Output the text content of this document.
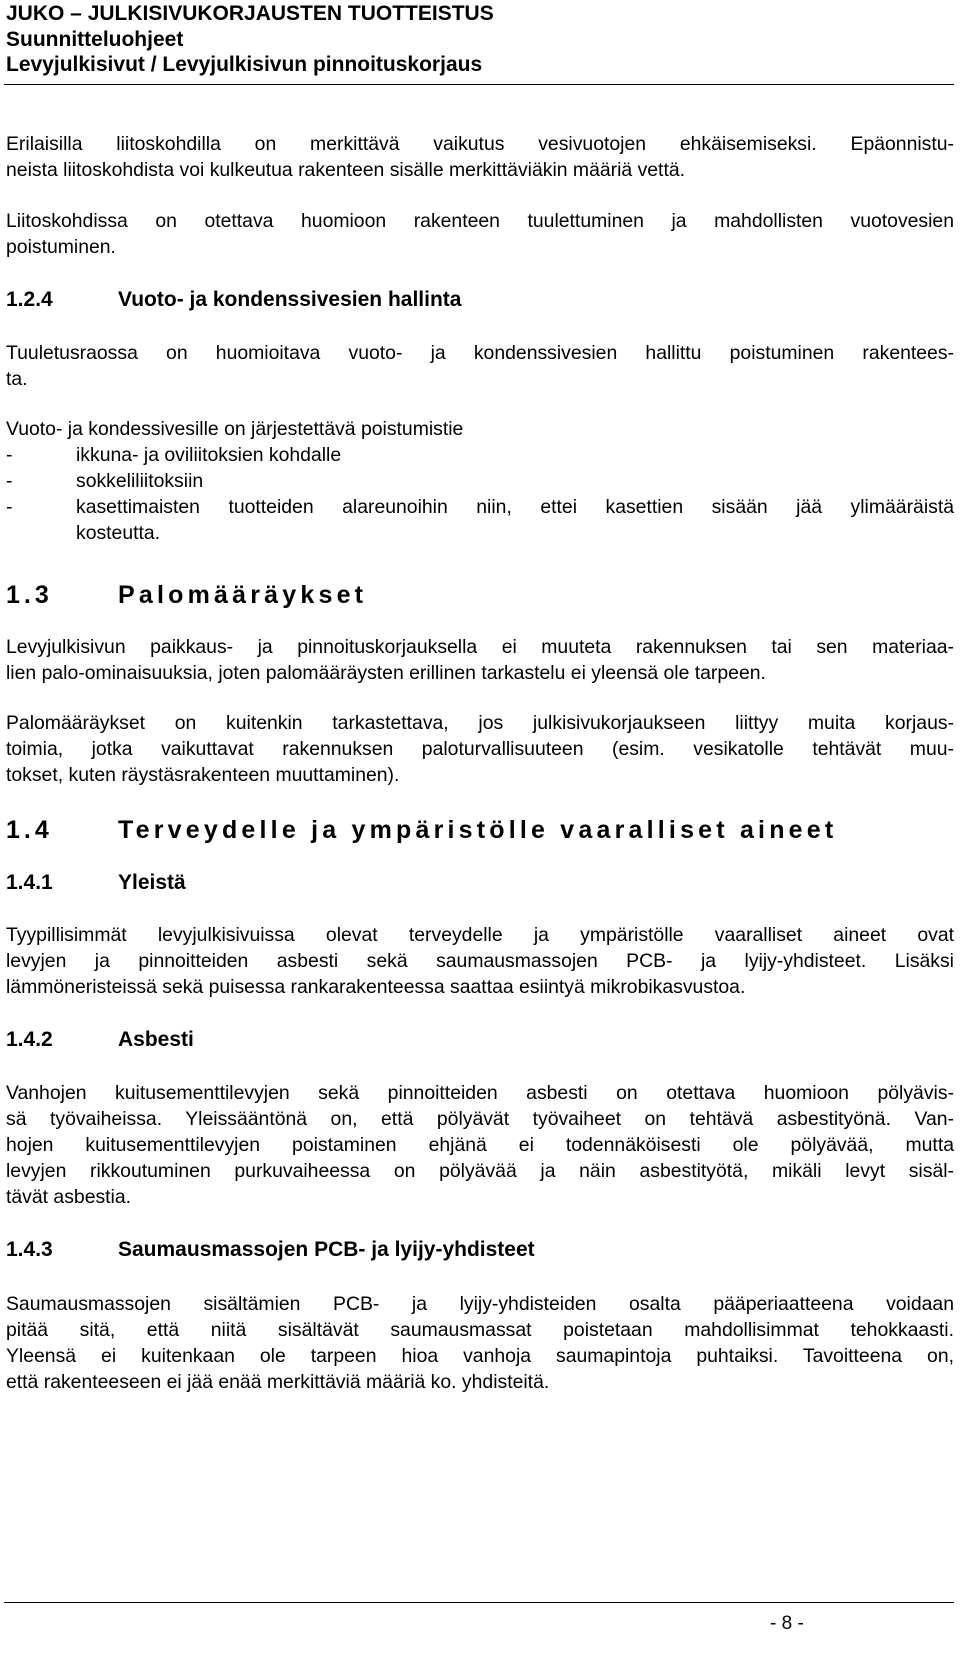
JUKO – JULKISIVUKORJAUSTEN TUOTTEISTUS

Suunnitteluohjeet

Levyjulkisivut / Levyjulkisivun pinnoituskorjaus

Erilaisilla liitoskohdilla on merkittävä vaikutus vesivuotojen ehkäisemiseksi. Epäonnistu-
neista liitoskohdista voi kulkeutua rakenteen sisälle merkittäviäkin määriä vettä.

Liitoskohdissa on otettava huomioon rakenteen tuulettuminen ja mahdollisten vuotovesien
poistuminen.

1.2.4	Vuoto- ja kondenssivesien hallinta

Tuuletusraossa on huomioitava vuoto- ja kondenssivesien hallittu poistuminen rakentees-
ta.

Vuoto- ja kondessivesille on järjestettävä poistumistie

-	ikkuna- ja oviliitoksien kohdalle
-	sokkeliliitoksiin
-	kasettimaisten tuotteiden alareunoihin niin, ettei kasettien sisään jää ylimääräistä
kosteutta.
1.3	Palomääräykset

Levyjulkisivun paikkaus- ja pinnoituskorjauksella ei muuteta rakennuksen tai sen materiaa-
lien palo-ominaisuuksia, joten palomääräysten erillinen tarkastelu ei yleensä ole tarpeen.

Palomääräykset on kuitenkin tarkastettava, jos julkisivukorjaukseen liittyy muita korjaus-
toimia, jotka vaikuttavat rakennuksen paloturvallisuuteen (esim. vesikatolle tehtävät muu-
tokset, kuten räystäsrakenteen muuttaminen).

1.4	Terveydelle ja ympäristölle vaaralliset aineet
1.4.1	Yleistä

Tyypillisimmät levyjulkisivuissa olevat terveydelle ja ympäristölle vaaralliset aineet ovat
levyjen ja pinnoitteiden asbesti sekä saumausmassojen PCB- ja lyijy-yhdisteet. Lisäksi
lämmöneristeissä sekä puisessa rankarakenteessa saattaa esiintyä mikrobikasvustoa.

1.4.2	Asbesti

Vanhojen kuitusementtilevyjen sekä pinnoitteiden asbesti on otettava huomioon pölyävis-
sä työvaiheissa. Yleissääntönä on, että pölyävät työvaiheet on tehtävä asbestityönä. Van-
hojen kuitusementtilevyjen poistaminen ehjänä ei todennäköisesti ole pölyävää, mutta
levyjen rikkoutuminen purkuvaiheessa on pölyävää ja näin asbestityötä, mikäli levyt sisäl-
tävät asbestia.

1.4.3	Saumausmassojen PCB- ja lyijy-yhdisteet

Saumausmassojen sisältämien PCB- ja lyijy-yhdisteiden osalta pääperiaatteena voidaan
pitää sitä, että niitä sisältävät saumausmassat poistetaan mahdollisimmat tehokkaasti.
Yleensä ei kuitenkaan ole tarpeen hioa vanhoja saumapintoja puhtaiksi. Tavoitteena on,
että rakenteeseen ei jää enää merkittäviä määriä ko. yhdisteitä.

- 8 -
